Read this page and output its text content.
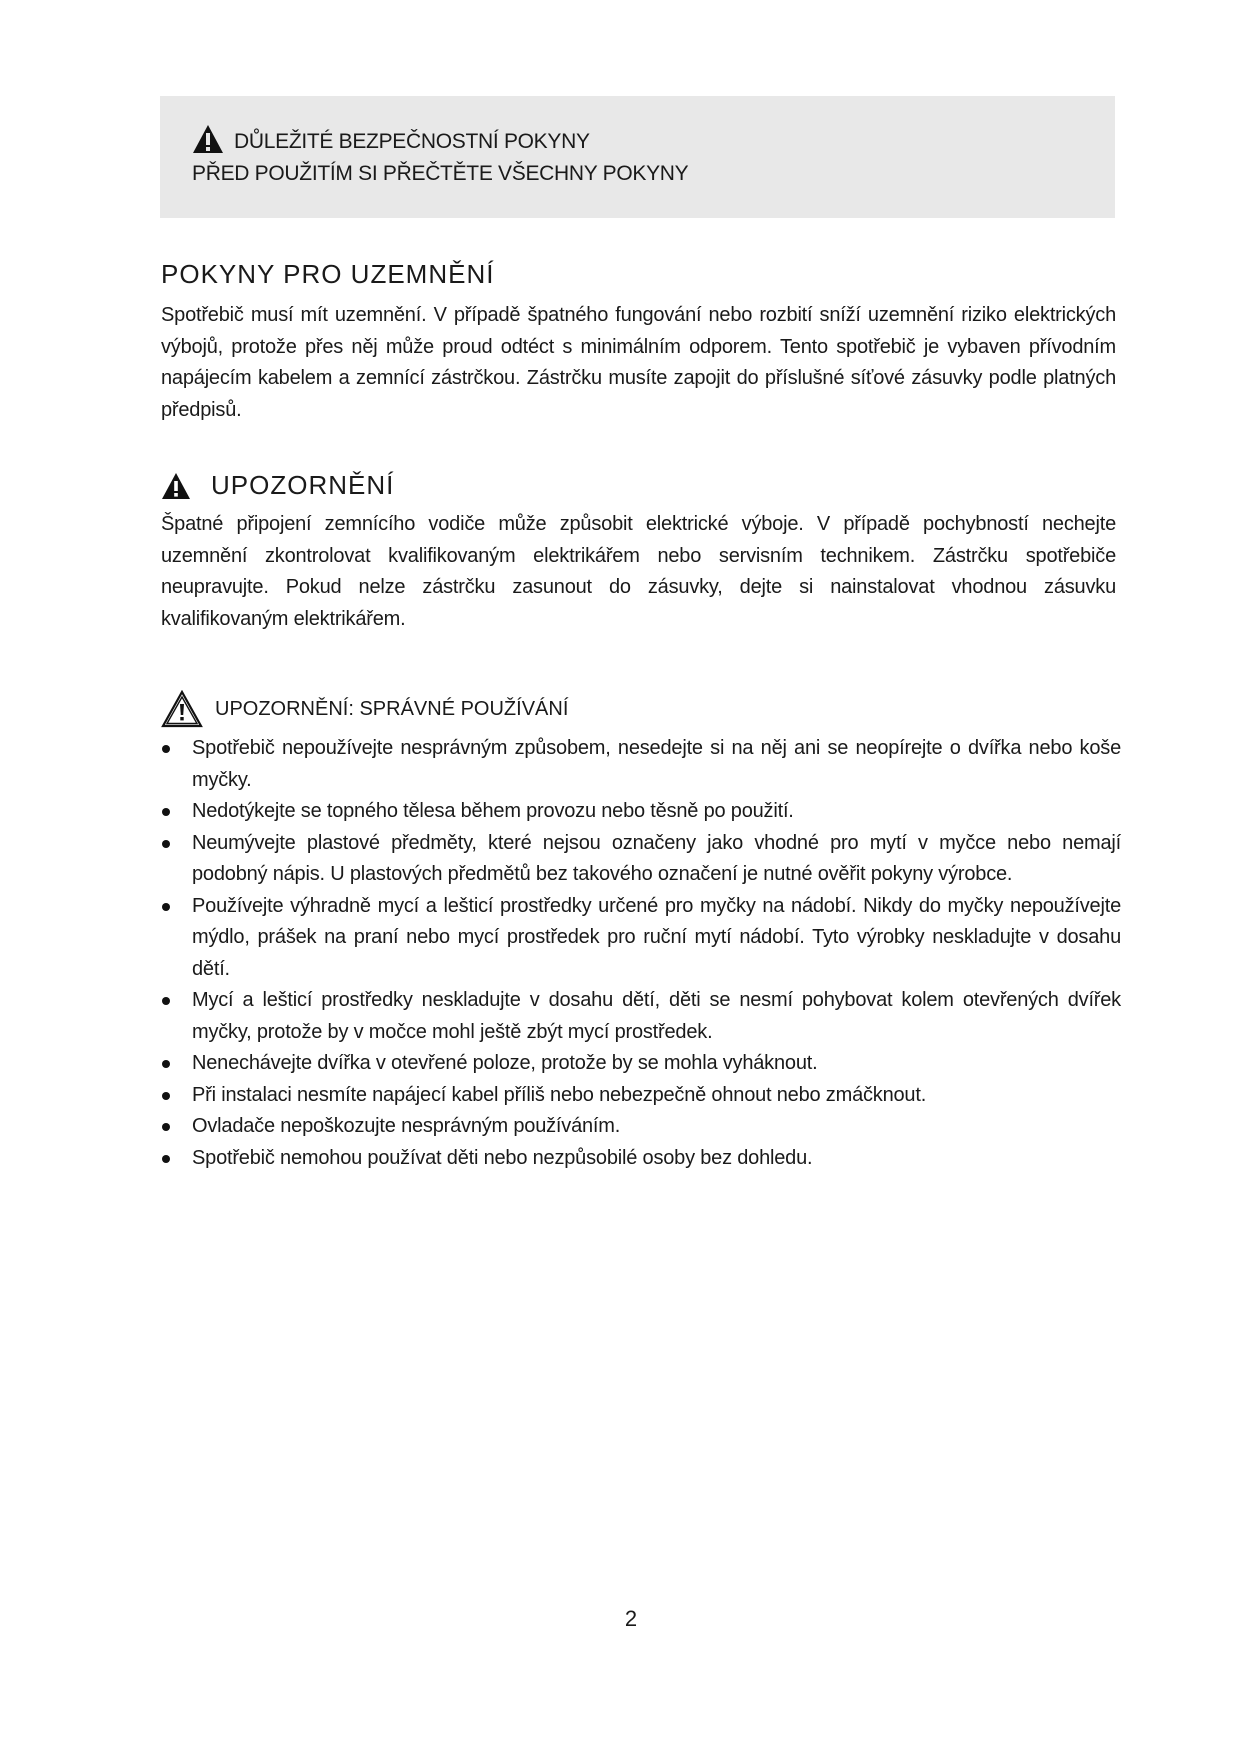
DŮLEŽITÉ BEZPEČNOSTNÍ POKYNY
PŘED POUŽITÍM SI PŘEČTĚTE VŠECHNY POKYNY
POKYNY PRO UZEMNĚNÍ

Spotřebič musí mít uzemnění. V případě špatného fungování nebo rozbití sníží uzemnění riziko elektrických výbojů, protože přes něj může proud odtéct s minimálním odporem. Tento spotřebič je vybaven přívodním napájecím kabelem a zemnící zástrčkou. Zástrčku musíte zapojit do příslušné síťové zásuvky podle platných předpisů.

UPOZORNĚNÍ

Špatné připojení zemnícího vodiče může způsobit elektrické výboje. V případě pochybností nechejte uzemnění zkontrolovat kvalifikovaným elektrikářem nebo servisním technikem. Zástrčku spotřebiče neupravujte. Pokud nelze zástrčku zasunout do zásuvky, dejte si nainstalovat vhodnou zásuvku kvalifikovaným elektrikářem.

UPOZORNĚNÍ: SPRÁVNÉ POUŽÍVÁNÍ
Spotřebič nepoužívejte nesprávným způsobem, nesedejte si na něj ani se neopírejte o dvířka nebo koše myčky.
Nedotýkejte se topného tělesa během provozu nebo těsně po použití.
Neumývejte plastové předměty, které nejsou označeny jako vhodné pro mytí v myčce nebo nemají podobný nápis. U plastových předmětů bez takového označení je nutné ověřit pokyny výrobce.
Používejte výhradně mycí a lešticí prostředky určené pro myčky na nádobí. Nikdy do myčky nepoužívejte mýdlo, prášek na praní nebo mycí prostředek pro ruční mytí nádobí. Tyto výrobky neskladujte v dosahu dětí.
Mycí a lešticí prostředky neskladujte v dosahu dětí, děti se nesmí pohybovat kolem otevřených dvířek myčky, protože by v močce mohl ještě zbýt mycí prostředek.
Nenechávejte dvířka v otevřené poloze, protože by se mohla vyháknout.
Při instalaci nesmíte napájecí kabel příliš nebo nebezpečně ohnout nebo zmáčknout.
Ovladače nepoškozujte nesprávným používáním.
Spotřebič nemohou používat děti nebo nezpůsobilé osoby bez dohledu.
2
